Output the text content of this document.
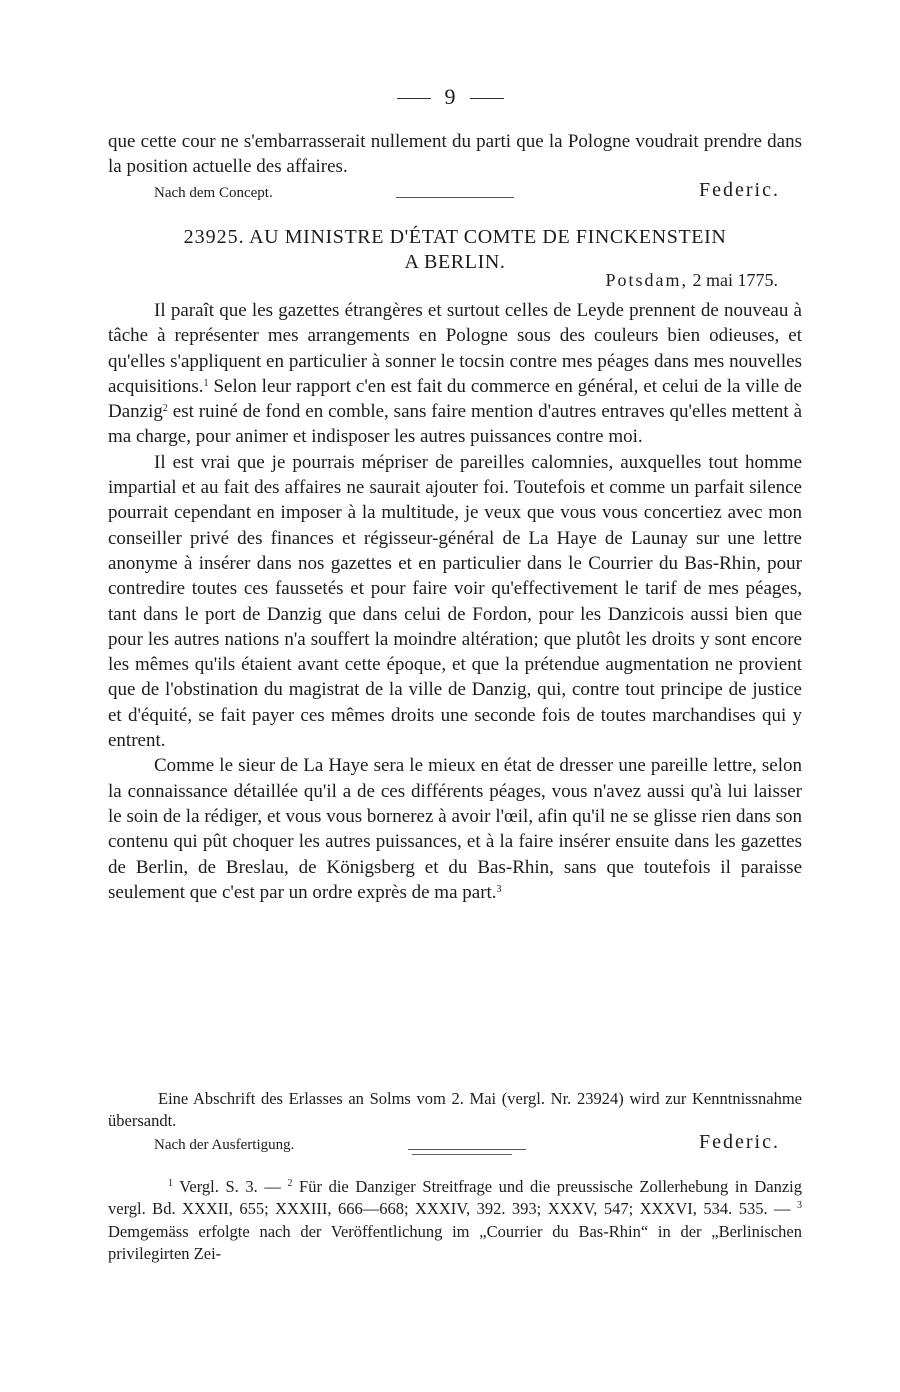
9

que cette cour ne s'embarrasserait nullement du parti que la Pologne voudrait prendre dans la position actuelle des affaires.

Nach dem Concept.	Federic.
23925. AU MINISTRE D'ÉTAT COMTE DE FINCKENSTEIN
A BERLIN.
Potsdam, 2 mai 1775.

Il paraît que les gazettes étrangères et surtout celles de Leyde prennent de nouveau à tâche à représenter mes arrangements en Pologne sous des couleurs bien odieuses, et qu'elles s'appliquent en particulier à sonner le tocsin contre mes péages dans mes nouvelles acquisitions.$^1$ Selon leur rapport c'en est fait du commerce en général, et celui de la ville de Danzig$^2$ est ruiné de fond en comble, sans faire mention d'autres entraves qu'elles mettent à ma charge, pour animer et indisposer les autres puissances contre moi.

Il est vrai que je pourrais mépriser de pareilles calomnies, auxquelles tout homme impartial et au fait des affaires ne saurait ajouter foi. Toutefois et comme un parfait silence pourrait cependant en imposer à la multitude, je veux que vous vous concertiez avec mon conseiller privé des finances et régisseur-général de La Haye de Launay sur une lettre anonyme à insérer dans nos gazettes et en particulier dans le Courrier du Bas-Rhin, pour contredire toutes ces faussetés et pour faire voir qu'effectivement le tarif de mes péages, tant dans le port de Danzig que dans celui de Fordon, pour les Danzicois aussi bien que pour les autres nations n'a souffert la moindre altération; que plutôt les droits y sont encore les mêmes qu'ils étaient avant cette époque, et que la prétendue augmentation ne provient que de l'obstination du magistrat de la ville de Danzig, qui, contre tout principe de justice et d'équité, se fait payer ces mêmes droits une seconde fois de toutes marchandises qui y entrent.

Comme le sieur de La Haye sera le mieux en état de dresser une pareille lettre, selon la connaissance détaillée qu'il a de ces différents péages, vous n'avez aussi qu'à lui laisser le soin de la rédiger, et vous vous bornerez à avoir l'œil, afin qu'il ne se glisse rien dans son contenu qui pût choquer les autres puissances, et à la faire insérer ensuite dans les gazettes de Berlin, de Breslau, de Königsberg et du Bas-Rhin, sans que toutefois il paraisse seulement que c'est par un ordre exprès de ma part.$^3$

Eine Abschrift des Erlasses an Solms vom 2. Mai (vergl. Nr. 23924) wird zur Kenntnissnahme übersandt.

Nach der Ausfertigung.	Federic.
$^1$ Vergl. S. 3. — $^2$ Für die Danziger Streitfrage und die preussische Zollerhebung in Danzig vergl. Bd. XXXII, 655; XXXIII, 666—668; XXXIV, 392. 393; XXXV, 547; XXXVI, 534. 535. — $^3$ Demgemäss erfolgte nach der Veröffentlichung im „Courrier du Bas-Rhin“ in der „Berlinischen privilegirten Zei-
